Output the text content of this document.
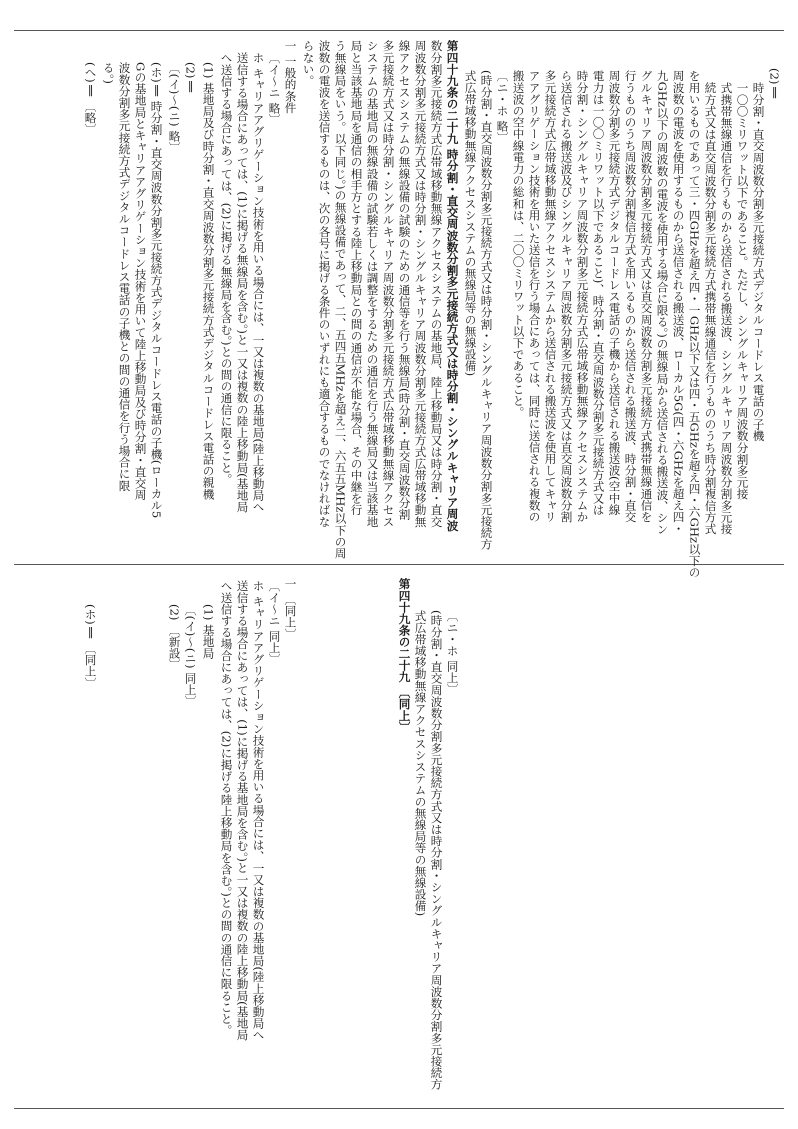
(2)‖
時分割・直交周波数分割多元接続方式デジタルコードレス電話の子機
一〇〇ミリワット以下であること。ただし、シングルキャリア周波数分割多元接
式携帯無線通信を行うものから送信される搬送波、シングルキャリア周波数分割多元接
続方式又は直交周波数分割多元接続方式携帯無線通信を行うもののうち時分割複信方式
を用いるものであって三・四GHzを超え四・一GHz以下又は四・五GHzを超え四・六GHz以下の
周波数の電波を使用するものから送信される搬送波、ローカル5G(四・六GHzを超え四・
九GHz以下の周波数の電波を使用する場合に限る。)の無線局から送信される搬送波、シン
グルキャリア周波数分割多元接続方式又は直交周波数分割多元接続方式携帯無線通信を
行うもののうち周波数分割複信方式を用いるものから送信される搬送波、時分割・直交
周波数分割多元接続方式デジタルコードレス電話の子機から送信される搬送波(空中線
電力は一〇〇ミリワット以下であること)、時分割・直交周波数分割多元接続方式又は
時分割・シングルキャリア周波数分割多元接続方式広帯域移動無線アクセスシステムか
ら送信される搬送波及びシングルキャリア周波数分割多元接続方式又は直交周波数分割
多元接続方式広帯域移動無線アクセスシステムから送信される搬送波を使用してキャリ
アアグリゲーション技術を用いた送信を行う場合にあっては、同時に送信される複数の
搬送波の空中線電力の総和は、二〇〇ミリワット以下であること。
〔ニ・ホ 略〕
(時分割・直交周波数分割多元接続方式又は時分割・シングルキャリア周波数分割多元接続方
式広帯域移動無線アクセスシステムの無線局等の無線設備)
第四十九条の二十九 時分割・直交周波数分割多元接続方式又は時分割・シングルキャリア周波
数分割多元接続方式広帯域移動無線アクセスシステムの基地局、陸上移動局又は時分割・直交
周波数分割多元接続方式又は時分割・シングルキャリア周波数分割多元接続方式広帯域移動無
線アクセスシステムの無線設備の試験のための通信等を行う無線局(時分割・直交周波数分割
多元接続方式又は時分割・シングルキャリア周波数分割多元接続方式広帯域移動無線アクセス
システムの基地局の無線設備の試験若しくは調整をするための通信を行う無線局又は当該基地
局と当該基地局を通信の相手方とする陸上移動局との間の通信が不能な場合、その中継を行
う無線局をいう。以下同じ。)の無線設備であって、二、五四五MHzを超え二、六五五MHz以下の周
波数の電波を送信するものは、次の各号に掲げる条件のいずれにも適合するものでなければな
らない。
一 一般的条件
〔イ〜ニ 略〕
ホ キャリアアグリゲーション技術を用いる場合には、一又は複数の基地局(陸上移動局へ
送信する場合にあっては、(1)に掲げる無線局を含む。)と一又は複数の陸上移動局(基地局
へ送信する場合にあっては、(2)に掲げる無線局を含む。)との間の通信に限ること。
(1) 基地局及び時分割・直交周波数分割多元接続方式デジタルコードレス電話の親機
(2)‖
〔(イ)〜(ニ) 略〕
(ホ)‖ 時分割・直交周波数分割多元接続方式デジタルコードレス電話の子機(ローカル5
Gの基地局とキャリアアグリゲーション技術を用いて陸上移動局及び時分割・直交周
波数分割多元接続方式デジタルコードレス電話の子機との間の通信を行う場合に限
る。)
(へ)‖ 〔略〕
〔ニ・ホ 同上〕
(時分割・直交周波数分割多元接続方式又は時分割・シングルキャリア周波数分割多元接続方
式広帯域移動無線アクセスシステムの無線局等の無線設備)
第四十九条の二十九 〔同上〕
一 〔同上〕
〔イ〜ニ 同上〕
ホ キャリアアグリゲーション技術を用いる場合には、一又は複数の基地局(陸上移動局へ
送信する場合にあっては、(1)に掲げる基地局を含む。)と一又は複数の陸上移動局(基地局
へ送信する場合にあっては、(2)に掲げる陸上移動局を含む。)との間の通信に限ること。
(1) 基地局
〔(イ)〜(ニ) 同上〕
(2) 〔新設〕
(ホ)‖ 〔同上〕
